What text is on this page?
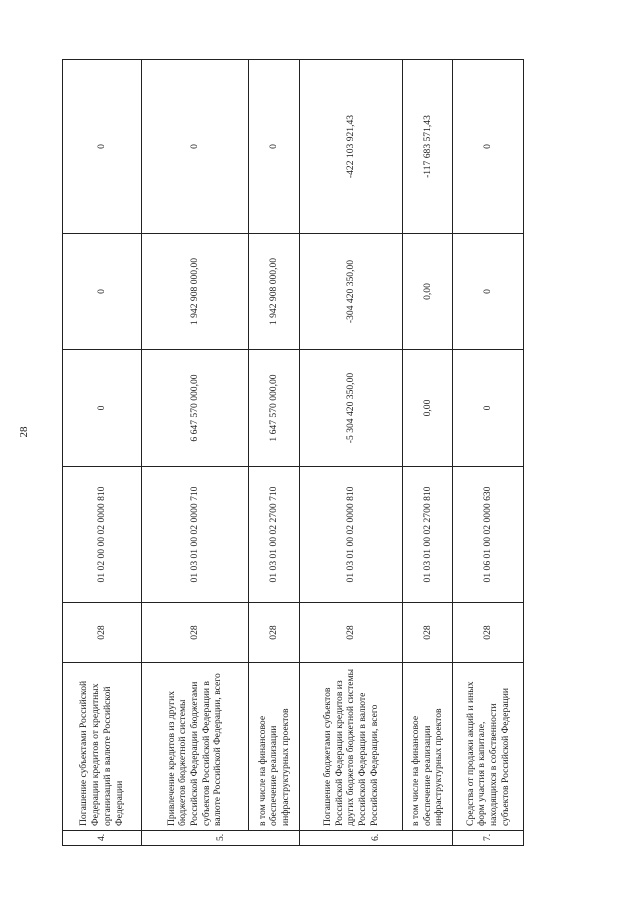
28
4.	Погашение субъектами Российской Федерации кредитов от кредитных организаций в валюте Российской Федерации	028	01 02 00 00 02 0000 810	0	0	0
5.	Привлечение кредитов из других бюджетов бюджетной системы Российской Федерации бюджетами субъектов Российской Федерации в валюте Российской Федерации, всего	028	01 03 01 00 02 0000 710	6 647 570 000,00	1 942 908 000,00	0
	в том числе на финансовое обеспечение реализации инфраструктурных проектов	028	01 03 01 00 02 2700 710	1 647 570 000,00	1 942 908 000,00	0
6.	Погашение бюджетами субъектов Российской Федерации кредитов из других бюджетов бюджетной системы Российской Федерации в валюте Российской Федерации, всего	028	01 03 01 00 02 0000 810	-5 304 420 350,00	-304 420 350,00	-422 103 921,43
	в том числе на финансовое обеспечение реализации инфраструктурных проектов	028	01 03 01 00 02 2700 810	0,00	0,00	-117 683 571,43
7.	Средства от продажи акций и иных форм участия в капитале, находящихся в собственности субъектов Российской Федерации	028	01 06 01 00 02 0000 630	0	0	0
